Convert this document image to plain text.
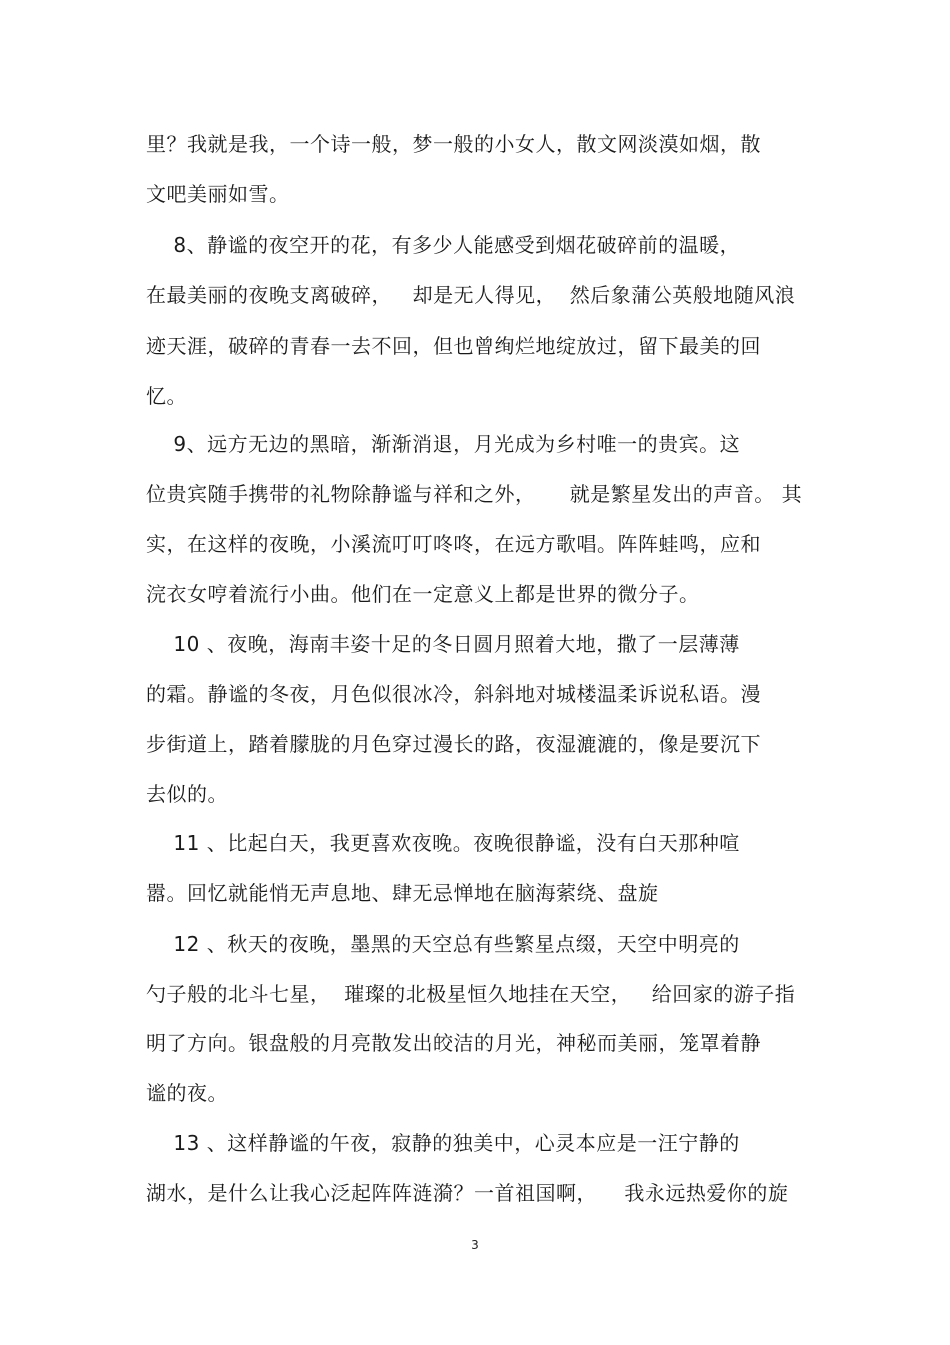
里？我就是我，一个诗一般，梦一般的小女人，散文网淡漠如烟，散
文吧美丽如雪。
8、静谧的夜空开的花，有多少人能感受到烟花破碎前的温暖，
在最美丽的夜晚支离破碎，   却是无人得见，  然后象蒲公英般地随风浪
迹天涯，破碎的青春一去不回，但也曾绚烂地绽放过，留下最美的回
忆。
9、远方无边的黑暗，渐渐消退，月光成为乡村唯一的贵宾。这
位贵宾随手携带的礼物除静谧与祥和之外，     就是繁星发出的声音。 其
实，在这样的夜晚，小溪流叮叮咚咚，在远方歌唱。阵阵蛙鸣，应和
浣衣女哼着流行小曲。他们在一定意义上都是世界的微分子。
10 、夜晚，海南丰姿十足的冬日圆月照着大地，撒了一层薄薄
的霜。静谧的冬夜，月色似很冰冷，斜斜地对城楼温柔诉说私语。漫
步街道上，踏着朦胧的月色穿过漫长的路，夜湿漉漉的，像是要沉下
去似的。
11 、比起白天，我更喜欢夜晚。夜晚很静谧，没有白天那种喧
嚣。回忆就能悄无声息地、肆无忌惮地在脑海萦绕、盘旋
12 、秋天的夜晚，墨黑的天空总有些繁星点缀，天空中明亮的
勺子般的北斗七星，  璀璨的北极星恒久地挂在天空，   给回家的游子指
明了方向。银盘般的月亮散发出皎洁的月光，神秘而美丽，笼罩着静
谧的夜。
13 、这样静谧的午夜，寂静的独美中，心灵本应是一汪宁静的
湖水，是什么让我心泛起阵阵涟漪？一首祖国啊，    我永远热爱你的旋
3
